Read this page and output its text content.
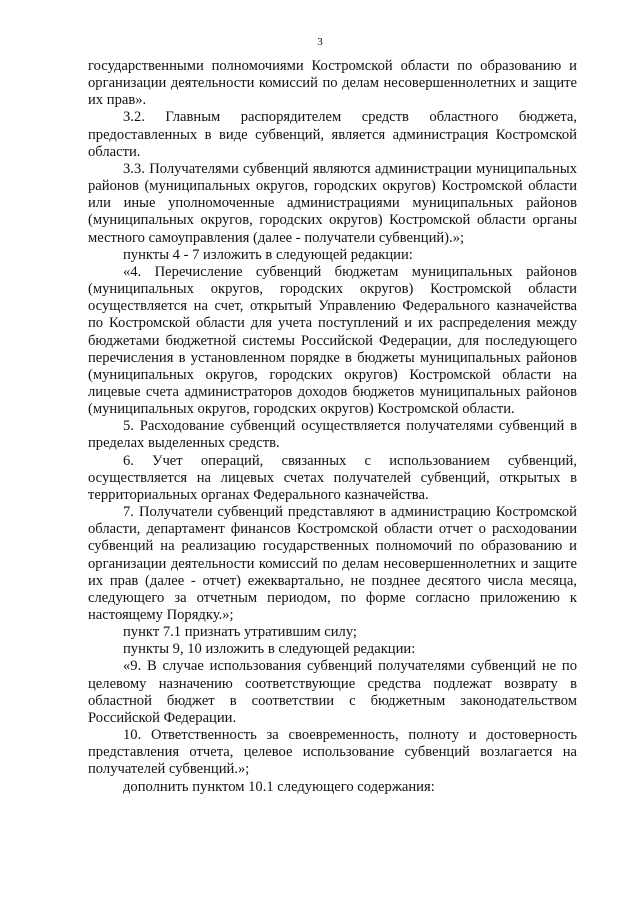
3

государственными полномочиями Костромской области по образованию и организации деятельности комиссий по делам несовершеннолетних и защите их прав».

3.2. Главным распорядителем средств областного бюджета, предоставленных в виде субвенций, является администрация Костромской области.

3.3. Получателями субвенций являются администрации муниципальных районов (муниципальных округов, городских округов) Костромской области или иные уполномоченные администрациями муниципальных районов (муниципальных округов, городских округов) Костромской области органы местного самоуправления (далее - получатели субвенций).»;

пункты 4 - 7 изложить в следующей редакции:

«4. Перечисление субвенций бюджетам муниципальных районов (муниципальных округов, городских округов) Костромской области осуществляется на счет, открытый Управлению Федерального казначейства по Костромской области для учета поступлений и их распределения между бюджетами бюджетной системы Российской Федерации, для последующего перечисления в установленном порядке в бюджеты муниципальных районов (муниципальных округов, городских округов) Костромской области на лицевые счета администраторов доходов бюджетов муниципальных районов (муниципальных округов, городских округов) Костромской области.

5. Расходование субвенций осуществляется получателями субвенций в пределах выделенных средств.

6. Учет операций, связанных с использованием субвенций, осуществляется на лицевых счетах получателей субвенций, открытых в территориальных органах Федерального казначейства.

7. Получатели субвенций представляют в администрацию Костромской области, департамент финансов Костромской области отчет о расходовании субвенций на реализацию государственных полномочий по образованию и организации деятельности комиссий по делам несовершеннолетних и защите их прав (далее - отчет) ежеквартально, не позднее десятого числа месяца, следующего за отчетным периодом, по форме согласно приложению к настоящему Порядку.»;

пункт 7.1 признать утратившим силу;

пункты 9, 10 изложить в следующей редакции:

«9. В случае использования субвенций получателями субвенций не по целевому назначению соответствующие средства подлежат возврату в областной бюджет в соответствии с бюджетным законодательством Российской Федерации.

10. Ответственность за своевременность, полноту и достоверность представления отчета, целевое использование субвенций возлагается на получателей субвенций.»;

дополнить пунктом 10.1 следующего содержания:
